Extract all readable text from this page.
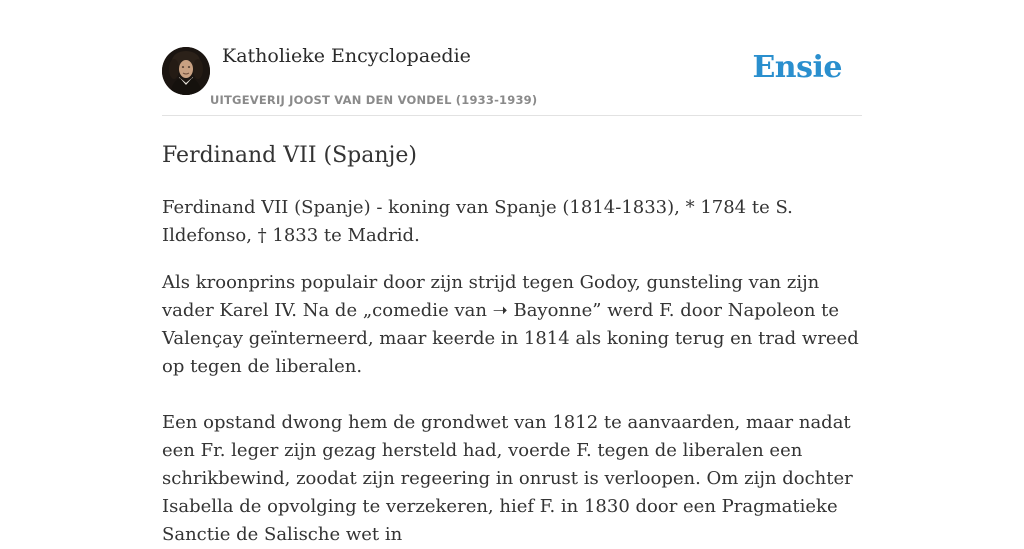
Katholieke Encyclopaedie
UITGEVERIJ JOOST VAN DEN VONDEL (1933-1939)
Ensie
Ferdinand VII (Spanje)

Ferdinand VII (Spanje) - koning van Spanje (1814-1833), * 1784 te S. Ildefonso, † 1833 te Madrid.

Als kroonprins populair door zijn strijd tegen Godoy, gunsteling van zijn vader Karel IV. Na de „comedie van ➝ Bayonne” werd F. door Napoleon te Valençay geïnterneerd, maar keerde in 1814 als koning terug en trad wreed op tegen de liberalen.

Een opstand dwong hem de grondwet van 1812 te aanvaarden, maar nadat een Fr. leger zijn gezag hersteld had, voerde F. tegen de liberalen een schrikbewind, zoodat zijn regeering in onrust is verloopen. Om zijn dochter Isabella de opvolging te verzekeren, hief F. in 1830 door een Pragmatieke Sanctie de Salische wet in
